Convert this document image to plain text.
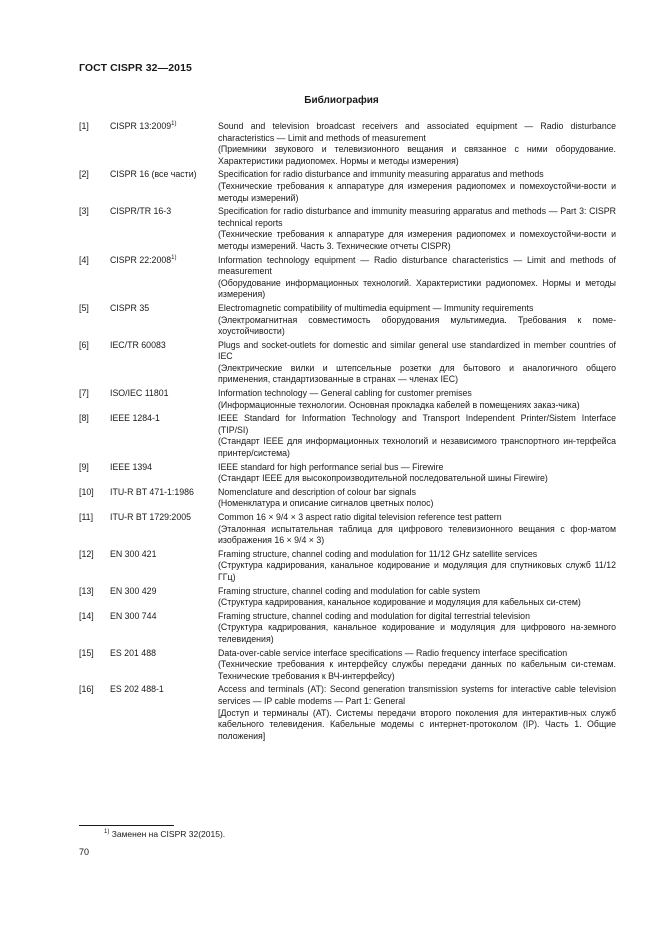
ГОСТ CISPR 32—2015
Библиография
[1]	CISPR 13:2009$^{1)}$	Sound and television broadcast receivers and associated equipment — Radio disturbance characteristics — Limit and methods of measurement
(Приемники звукового и телевизионного вещания и связанное с ними оборудование. Характеристики радиопомех. Нормы и методы измерения)
[2]	CISPR 16 (все части)	Specification for radio disturbance and immunity measuring apparatus and methods
(Технические требования к аппаратуре для измерения радиопомех и помехоустойчи-вости и методы измерений)
[3]	CISPR/TR 16-3	Specification for radio disturbance and immunity measuring apparatus and methods — Part 3: CISPR technical reports
(Технические требования к аппаратуре для измерения радиопомех и помехоустойчи-вости и методы измерений. Часть 3. Технические отчеты CISPR)
[4]	CISPR 22:2008$^{1)}$	Information technology equipment — Radio disturbance characteristics — Limit and methods of measurement
(Оборудование информационных технологий. Характеристики радиопомех. Нормы и методы измерения)
[5]	CISPR 35	Electromagnetic compatibility of multimedia equipment — Immunity requirements
(Электромагнитная совместимость оборудования мультимедиа. Требования к поме-хоустойчивости)
[6]	IEC/TR 60083	Plugs and socket-outlets for domestic and similar general use standardized in member countries of IEC
(Электрические вилки и штепсельные розетки для бытового и аналогичного общего применения, стандартизованные в странах — членах IEC)
[7]	ISO/IEC 11801	Information technology — General cabling for customer premises
(Информационные технологии. Основная прокладка кабелей в помещениях заказ-чика)
[8]	IEEE 1284-1	IEEE Standard for Information Technology and Transport Independent Printer/Sistem Interface (TIP/SI)
(Стандарт IEEE для информационных технологий и независимого транспортного ин-терфейса принтер/система)
[9]	IEEE 1394	IEEE standard for high performance serial bus — Firewire
(Стандарт IEEE для высокопроизводительной последовательной шины Firewire)
[10]	ITU-R BT 471-1:1986	Nomenclature and description of colour bar signals
(Номенклатура и описание сигналов цветных полос)
[11]	ITU-R BT 1729:2005	Common 16 × 9/4 × 3 aspect ratio digital television reference test pattern
(Эталонная испытательная таблица для цифрового телевизионного вещания с фор-матом изображения 16 × 9/4 × 3)
[12]	EN 300 421	Framing structure, channel coding and modulation for 11/12 GHz satellite services
(Структура кадрирования, канальное кодирование и модуляция для спутниковых служб 11/12 ГГц)
[13]	EN 300 429	Framing structure, channel coding and modulation for cable system
(Структура кадрирования, канальное кодирование и модуляция для кабельных си-стем)
[14]	EN 300 744	Framing structure, channel coding and modulation for digital terrestrial television
(Структура кадрирования, канальное кодирование и модуляция для цифрового на-земного телевидения)
[15]	ES 201 488	Data-over-cable service interface specifications — Radio frequency interface specification
(Технические требования к интерфейсу службы передачи данных по кабельным си-стемам. Технические требования к ВЧ-интерфейсу)
[16]	ES 202 488-1	Access and terminals (AT): Second generation transmission systems for interactive cable television services — IP cable modems — Part 1: General
[Доступ и терминалы (AT). Системы передачи второго поколения для интерактив-ных служб кабельного телевидения. Кабельные модемы с интернет-протоколом (IP). Часть 1. Общие положения]
$^{1)}$ Заменен на CISPR 32(2015).
70
